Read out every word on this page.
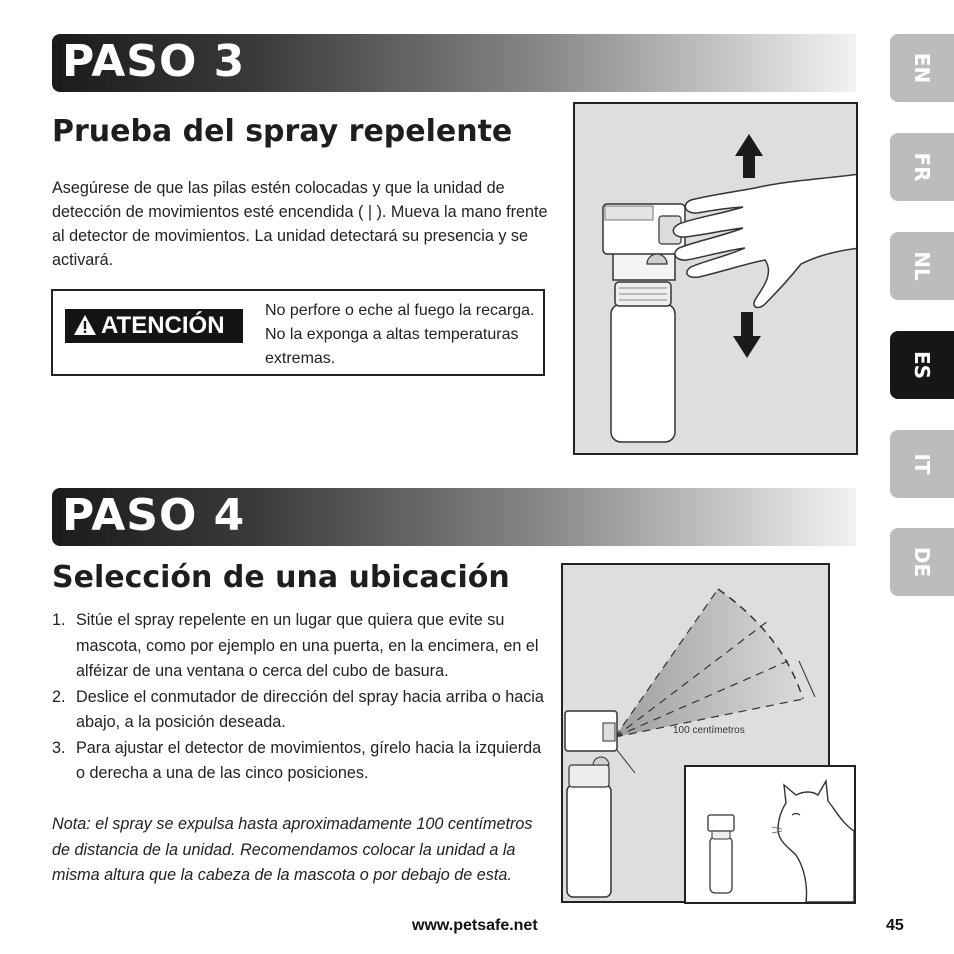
PASO 3
Prueba del spray repelente
Asegúrese de que las pilas estén colocadas y que la unidad de detección de movimientos esté encendida ( | ). Mueva la mano frente al detector de movimientos. La unidad detectará su presencia y se activará.
ATENCIÓN
No perfore o eche al fuego la recarga. No la exponga a altas temperaturas extremas.
PASO 4
Selección de una ubicación
1. Sitúe el spray repelente en un lugar que quiera que evite su mascota, como por ejemplo en una puerta, en la encimera, en el alféizar de una ventana o cerca del cubo de basura.
2. Deslice el conmutador de dirección del spray hacia arriba o hacia abajo, a la posición deseada.
3. Para ajustar el detector de movimientos, gírelo hacia la izquierda o derecha a una de las cinco posiciones.
Nota: el spray se expulsa hasta aproximadamente 100 centímetros de distancia de la unidad. Recomendamos colocar la unidad a la misma altura que la cabeza de la mascota o por debajo de esta.
100 centímetros
EN
FR
NL
ES
IT
DE
www.petsafe.net	45
